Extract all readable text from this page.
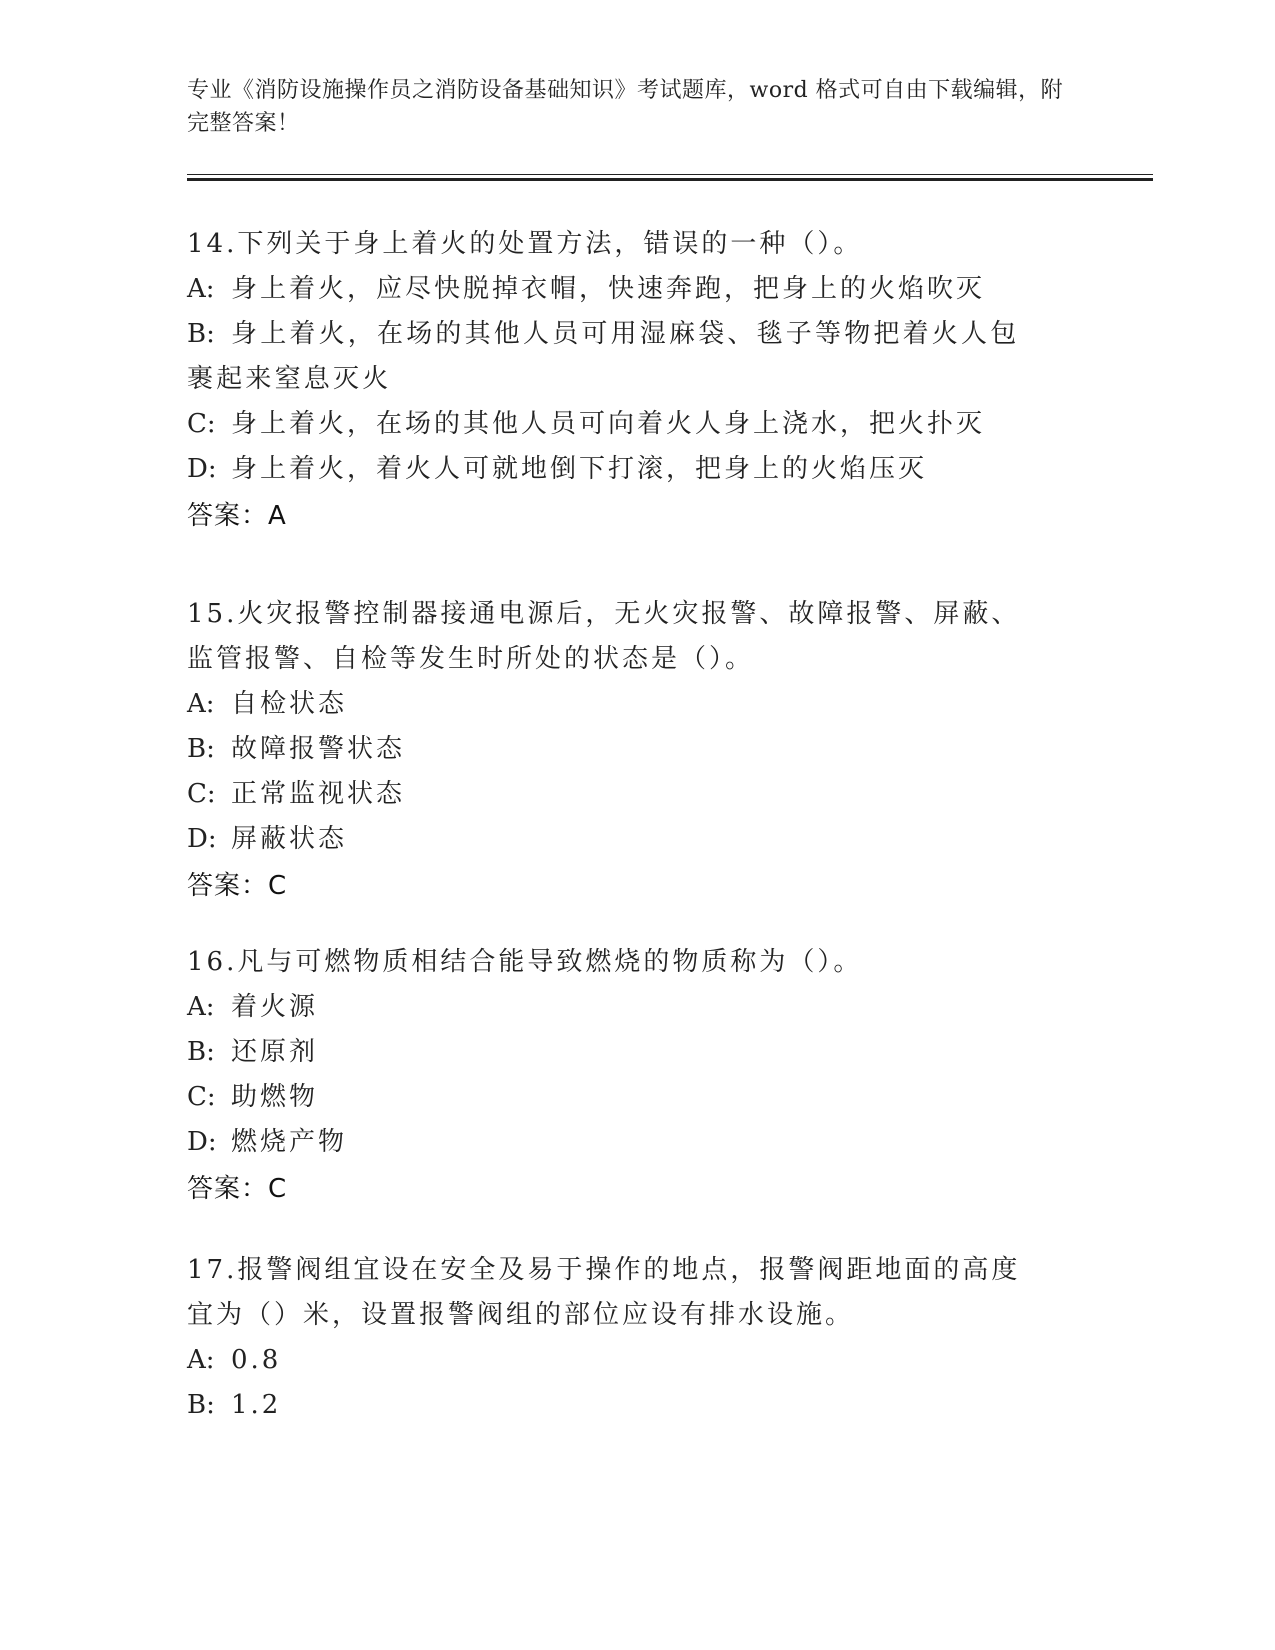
专业《消防设施操作员之消防设备基础知识》考试题库，word 格式可自由下载编辑，附完整答案！

14.下列关于身上着火的处置方法，错误的一种（）。

A: 身上着火，应尽快脱掉衣帽，快速奔跑，把身上的火焰吹灭

B: 身上着火，在场的其他人员可用湿麻袋、毯子等物把着火人包裹起来窒息灭火

C: 身上着火，在场的其他人员可向着火人身上浇水，把火扑灭

D: 身上着火，着火人可就地倒下打滚，把身上的火焰压灭

答案：A

15.火灾报警控制器接通电源后，无火灾报警、故障报警、屏蔽、监管报警、自检等发生时所处的状态是（）。

A: 自检状态

B: 故障报警状态

C: 正常监视状态

D: 屏蔽状态

答案：C

16.凡与可燃物质相结合能导致燃烧的物质称为（）。

A: 着火源

B: 还原剂

C: 助燃物

D: 燃烧产物

答案：C

17.报警阀组宜设在安全及易于操作的地点，报警阀距地面的高度宜为（）米，设置报警阀组的部位应设有排水设施。

A: 0.8

B: 1.2
